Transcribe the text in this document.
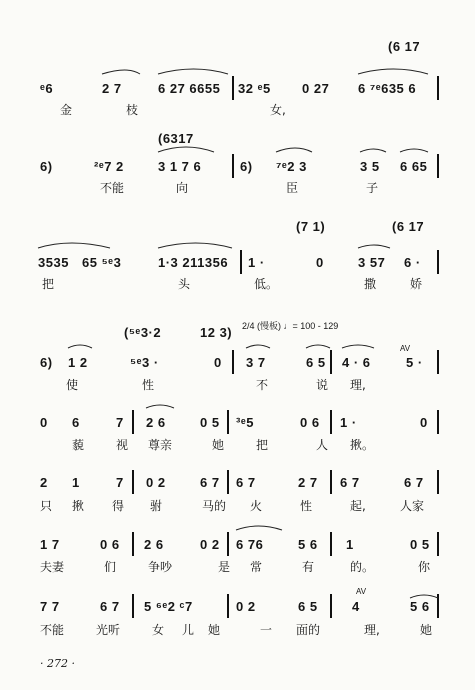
(6 17
ᵉ6	2 7	6 27 6655 32 ᵉ5 0 27 6 ⁷ᵉ635 6
金	枝	女,
(6317
6)	²ᵉ7 2	3 1 7 6	6) ⁷ᵉ2 3	3 5 6 65
不能	向	臣	子
(7 1)	(6 17
3535 65 ⁵ᵉ3	1·3 211356 1 ·	0	3 57 6 ·
把	头	低。	撒	娇
(⁵ᵉ3·2	12 3) 2/4 (慢板) ♩= 100 - 129
AV
6) 1 2	⁵ᵉ3 ·	0 3 7	6 5 4 · 6	5 ·
使	性	不	说 理,
0 6	7 2 6	0 5 ³ᵉ5	0 6 1 ·	0
藐	视 尊亲	她	把	人 揪。
2 1	7 0 2	6 7 6 7	2 7 6 7	6 7
只 揪 得 驸	马的 火	性	起,	人家
1 7	0 6 2 6	0 2 6 76	5 6 1	0 5
夫妻	们	争吵	是 常	有	的。	你
AV
7 7	6 7 5 ⁶ᵉ2 ᶜ7	0 2	6 5	4	5 6
不能	光听	女 儿 她	一 面的	理,	她
· 272 ·
